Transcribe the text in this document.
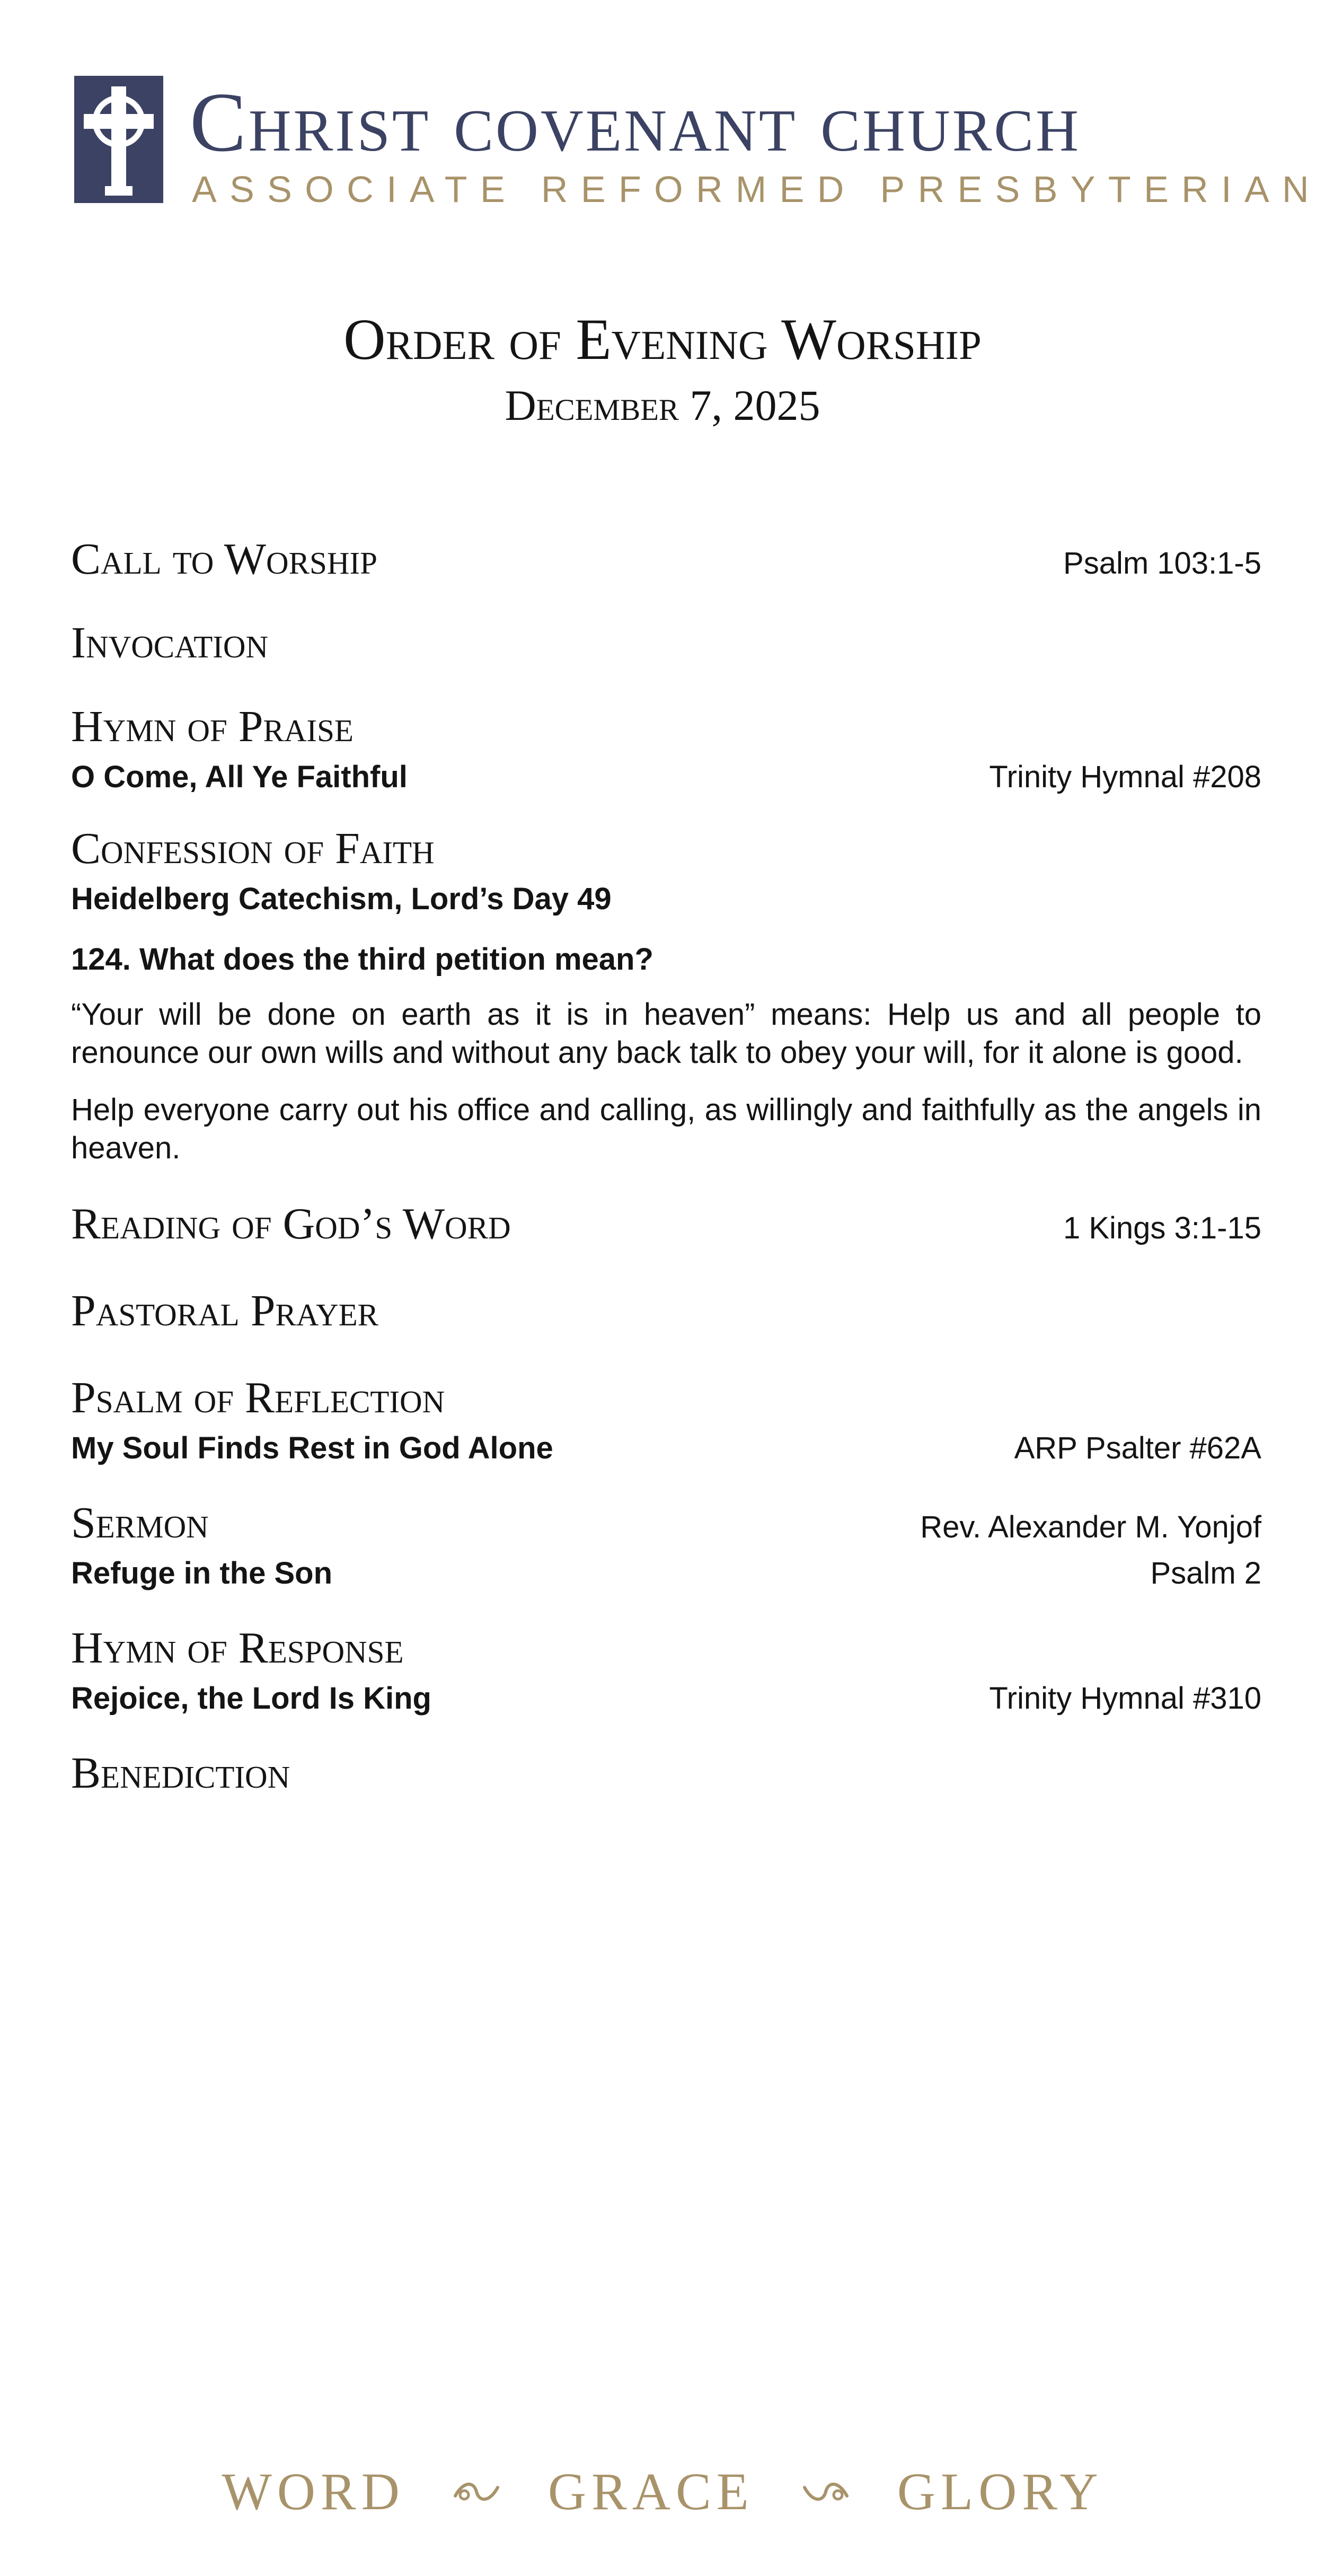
Christ covenant church
ASSOCIATE REFORMED PRESBYTERIAN
Order of Evening Worship
December 7, 2025
Call to Worship	Psalm 103:1-5
Invocation
Hymn of Praise
O Come, All Ye Faithful	Trinity Hymnal #208
Confession of Faith
Heidelberg Catechism, Lord’s Day 49
124. What does the third petition mean?

“Your will be done on earth as it is in heaven” means: Help us and all people to renounce our own wills and without any back talk to obey your will, for it alone is good.

Help everyone carry out his office and calling, as willingly and faithfully as the angels in heaven.

Reading of God’s Word	1 Kings 3:1-15
Pastoral Prayer
Psalm of Reflection
My Soul Finds Rest in God Alone	ARP Psalter #62A
Sermon	Rev. Alexander M. Yonjof
Refuge in the Son	Psalm 2
Hymn of Response
Rejoice, the Lord Is King	Trinity Hymnal #310
Benediction
WORD	GRACE	GLORY
